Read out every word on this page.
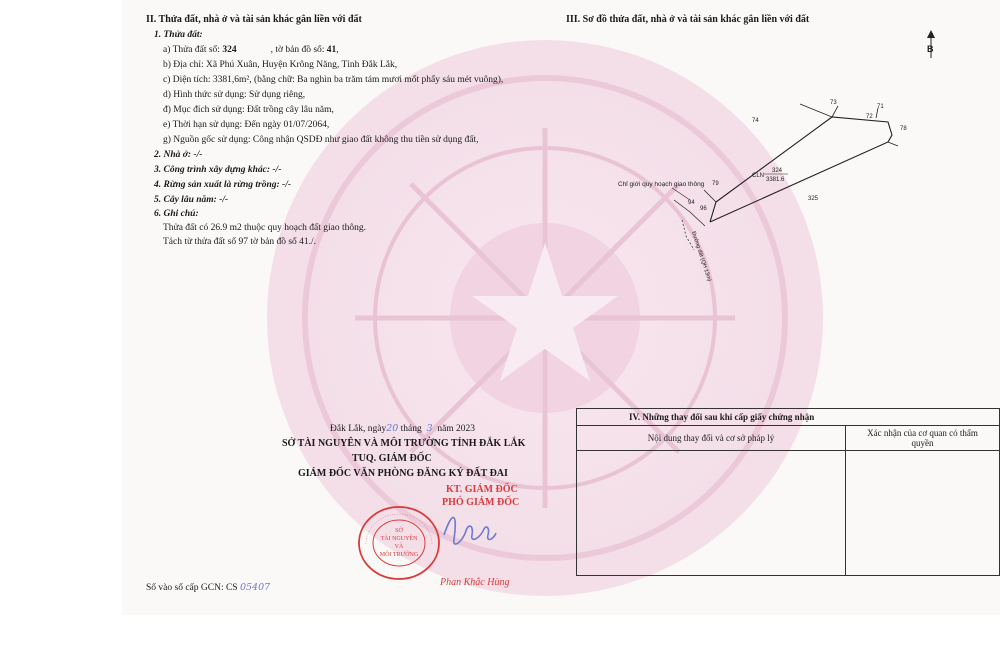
II. Thửa đất, nhà ở và tài sản khác gắn liền với đất
1. Thửa đất:
a) Thửa đất số: 324	, tờ bản đồ số: 41,
b) Địa chỉ: Xã Phú Xuân, Huyện Krông Năng, Tỉnh Đắk Lắk,
c) Diện tích: 3381,6m², (bằng chữ: Ba nghìn ba trăm tám mươi mốt phẩy sáu mét vuông),
d) Hình thức sử dụng: Sử dụng riêng,
đ) Mục đích sử dụng: Đất trồng cây lâu năm,
e) Thời hạn sử dụng: Đến ngày 01/07/2064,
g) Nguồn gốc sử dụng: Công nhận QSDĐ như giao đất không thu tiền sử dụng đất,
2. Nhà ở: -/-
3. Công trình xây dựng khác: -/-
4. Rừng sản xuất là rừng trồng: -/-
5. Cây lâu năm: -/-
6. Ghi chú:
Thửa đất có 26.9 m2 thuộc quy hoạch đất giao thông.
Tách từ thửa đất số 97 tờ bản đồ số 41./.
III. Sơ đồ thửa đất, nhà ở và tài sản khác gắn liền với đất
B
74
73
71
72
78
79
96
94
325
Chỉ giới quy hoạch giao thông
324
3381.6
CLN
Đường đất (QH 13m)
Đắk Lắk, ngày20 tháng 3 năm 2023
SỞ TÀI NGUYÊN VÀ MÔI TRƯỜNG TỈNH ĐẮK LẮK
TUQ. GIÁM ĐỐC
GIÁM ĐỐC VĂN PHÒNG ĐĂNG KÝ ĐẤT ĐAI
KT. GIÁM ĐỐC
PHÓ GIÁM ĐỐC
SỞ
TÀI NGUYÊN
VÀ
MÔI TRƯỜNG
Phan Khắc Hùng
Số vào sổ cấp GCN: CS 05407
IV. Những thay đổi sau khi cấp giấy chứng nhận	
Nội dung thay đổi và cơ sở pháp lý	Xác nhận của cơ quan có thẩm quyền
